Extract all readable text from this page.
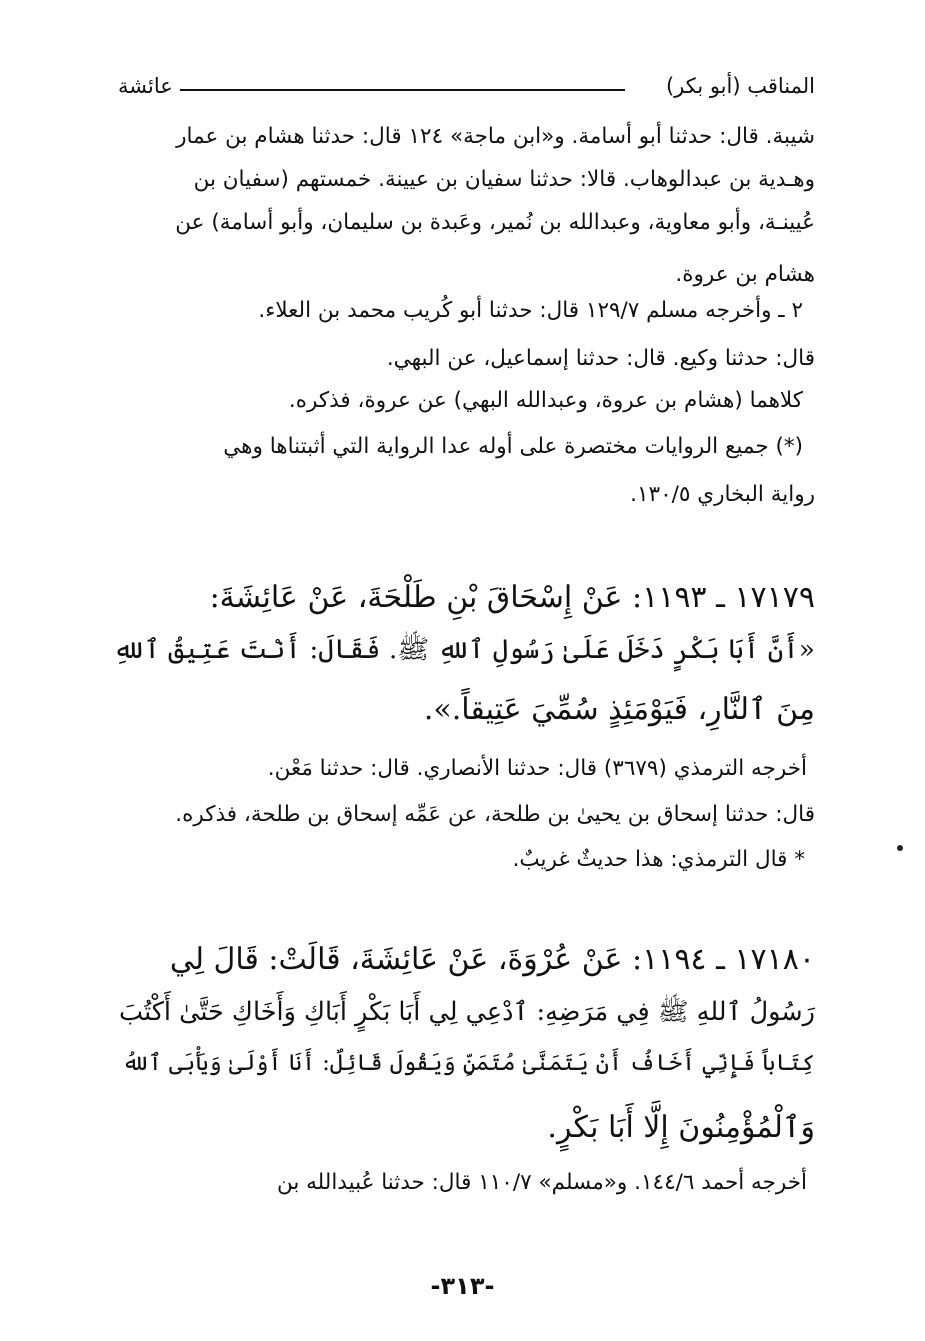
المناقب (أبو بكر)
عائشة
شيبة. قال: حدثنا أبو أسامة. و«ابن ماجة» ١٢٤ قال: حدثنا هشام بن عمار
وهـدية بن عبدالوهاب. قالا: حدثنا سفيان بن عيينة. خمستهم (سفيان بن
عُيينـة، وأبو معاوية، وعبدالله بن نُمير، وعَبدة بن سليمان، وأبو أسامة) عن
هشام بن عروة.
٢ ـ وأخرجه مسلم ١٢٩/٧ قال: حدثنا أبو كُريب محمد بن العلاء.
قال: حدثنا وكيع. قال: حدثنا إسماعيل، عن البهي.
كلاهما (هشام بن عروة، وعبدالله البهي) عن عروة، فذكره.
(*) جميع الروايات مختصرة على أوله عدا الرواية التي أثبتناها وهي
رواية البخاري ١٣٠/٥.
١٧١٧٩ ـ ١١٩٣: عَنْ إِسْحَاقَ بْنِ طَلْحَةَ، عَنْ عَائِشَةَ:
«أَنَّ أَبَا بَكْرٍ دَخَلَ عَلَىٰ رَسُولِ ٱللهِ ﷺ. فَقَالَ: أَنْتَ عَتِيقُ ٱللهِ
مِنَ ٱلنَّارِ، فَيَوْمَئِذٍ سُمِّيَ عَتِيقاً.».
أخرجه الترمذي (٣٦٧٩) قال: حدثنا الأنصاري. قال: حدثنا مَعْن.
قال: حدثنا إسحاق بن يحيىٰ بن طلحة، عن عَمِّه إسحاق بن طلحة، فذكره.
* قال الترمذي: هذا حديثٌ غريبٌ.
١٧١٨٠ ـ ١١٩٤: عَنْ عُرْوَةَ، عَنْ عَائِشَةَ، قَالَتْ: قَالَ لِي
رَسُولُ ٱللهِ ﷺ فِي مَرَضِهِ: ٱدْعِي لِي أَبَا بَكْرٍ أَبَاكِ وَأَخَاكِ حَتَّىٰ أَكْتُبَ
كِتَاباً فَإِنِّي أَخَافُ أَنْ يَتَمَنَّىٰ مُتَمَنٍّ وَيَقُولَ قَائِلٌ: أَنَا أَوْلَىٰ وَيَأْبَى ٱللهُ
وَٱلْمُؤْمِنُونَ إِلَّا أَبَا بَكْرٍ.
أخرجه أحمد ١٤٤/٦. و«مسلم» ١١٠/٧ قال: حدثنا عُبيدالله بن
-٣١٣-
